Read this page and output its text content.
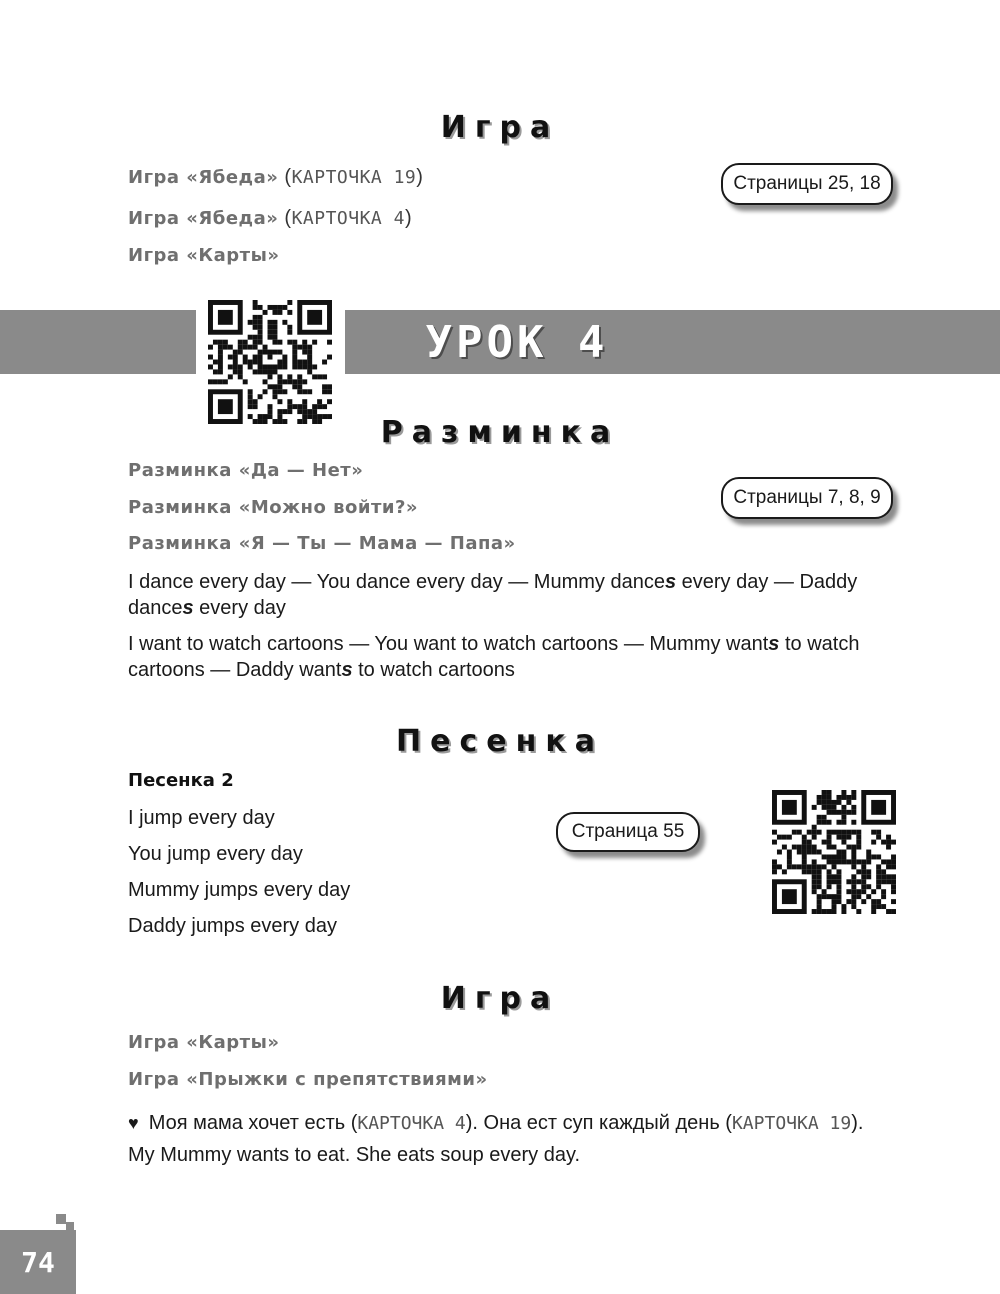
Игра
Игра «Ябеда» (КАРТОЧКА 19)
Игра «Ябеда» (КАРТОЧКА 4)
Игра «Карты»
Страницы 25, 18
УРОК 4
Разминка
Разминка «Да — Нет»
Разминка «Можно войти?»
Разминка «Я — Ты — Мама — Папа»
Страницы 7, 8, 9
I dance every day — You dance every day — Mummy dances every day — Daddy dances every day
I want to watch cartoons — You want to watch cartoons — Mummy wants to watch cartoons — Daddy wants to watch cartoons
Песенка
Песенка 2
I jump every day
You jump every day
Mummy jumps every day
Daddy jumps every day
Страница 55
Игра
Игра «Карты»
Игра «Прыжки с препятствиями»
♥ Моя мама хочет есть (КАРТОЧКА 4). Она ест суп каждый день (КАРТОЧКА 19).
My Mummy wants to eat. She eats soup every day.
74
